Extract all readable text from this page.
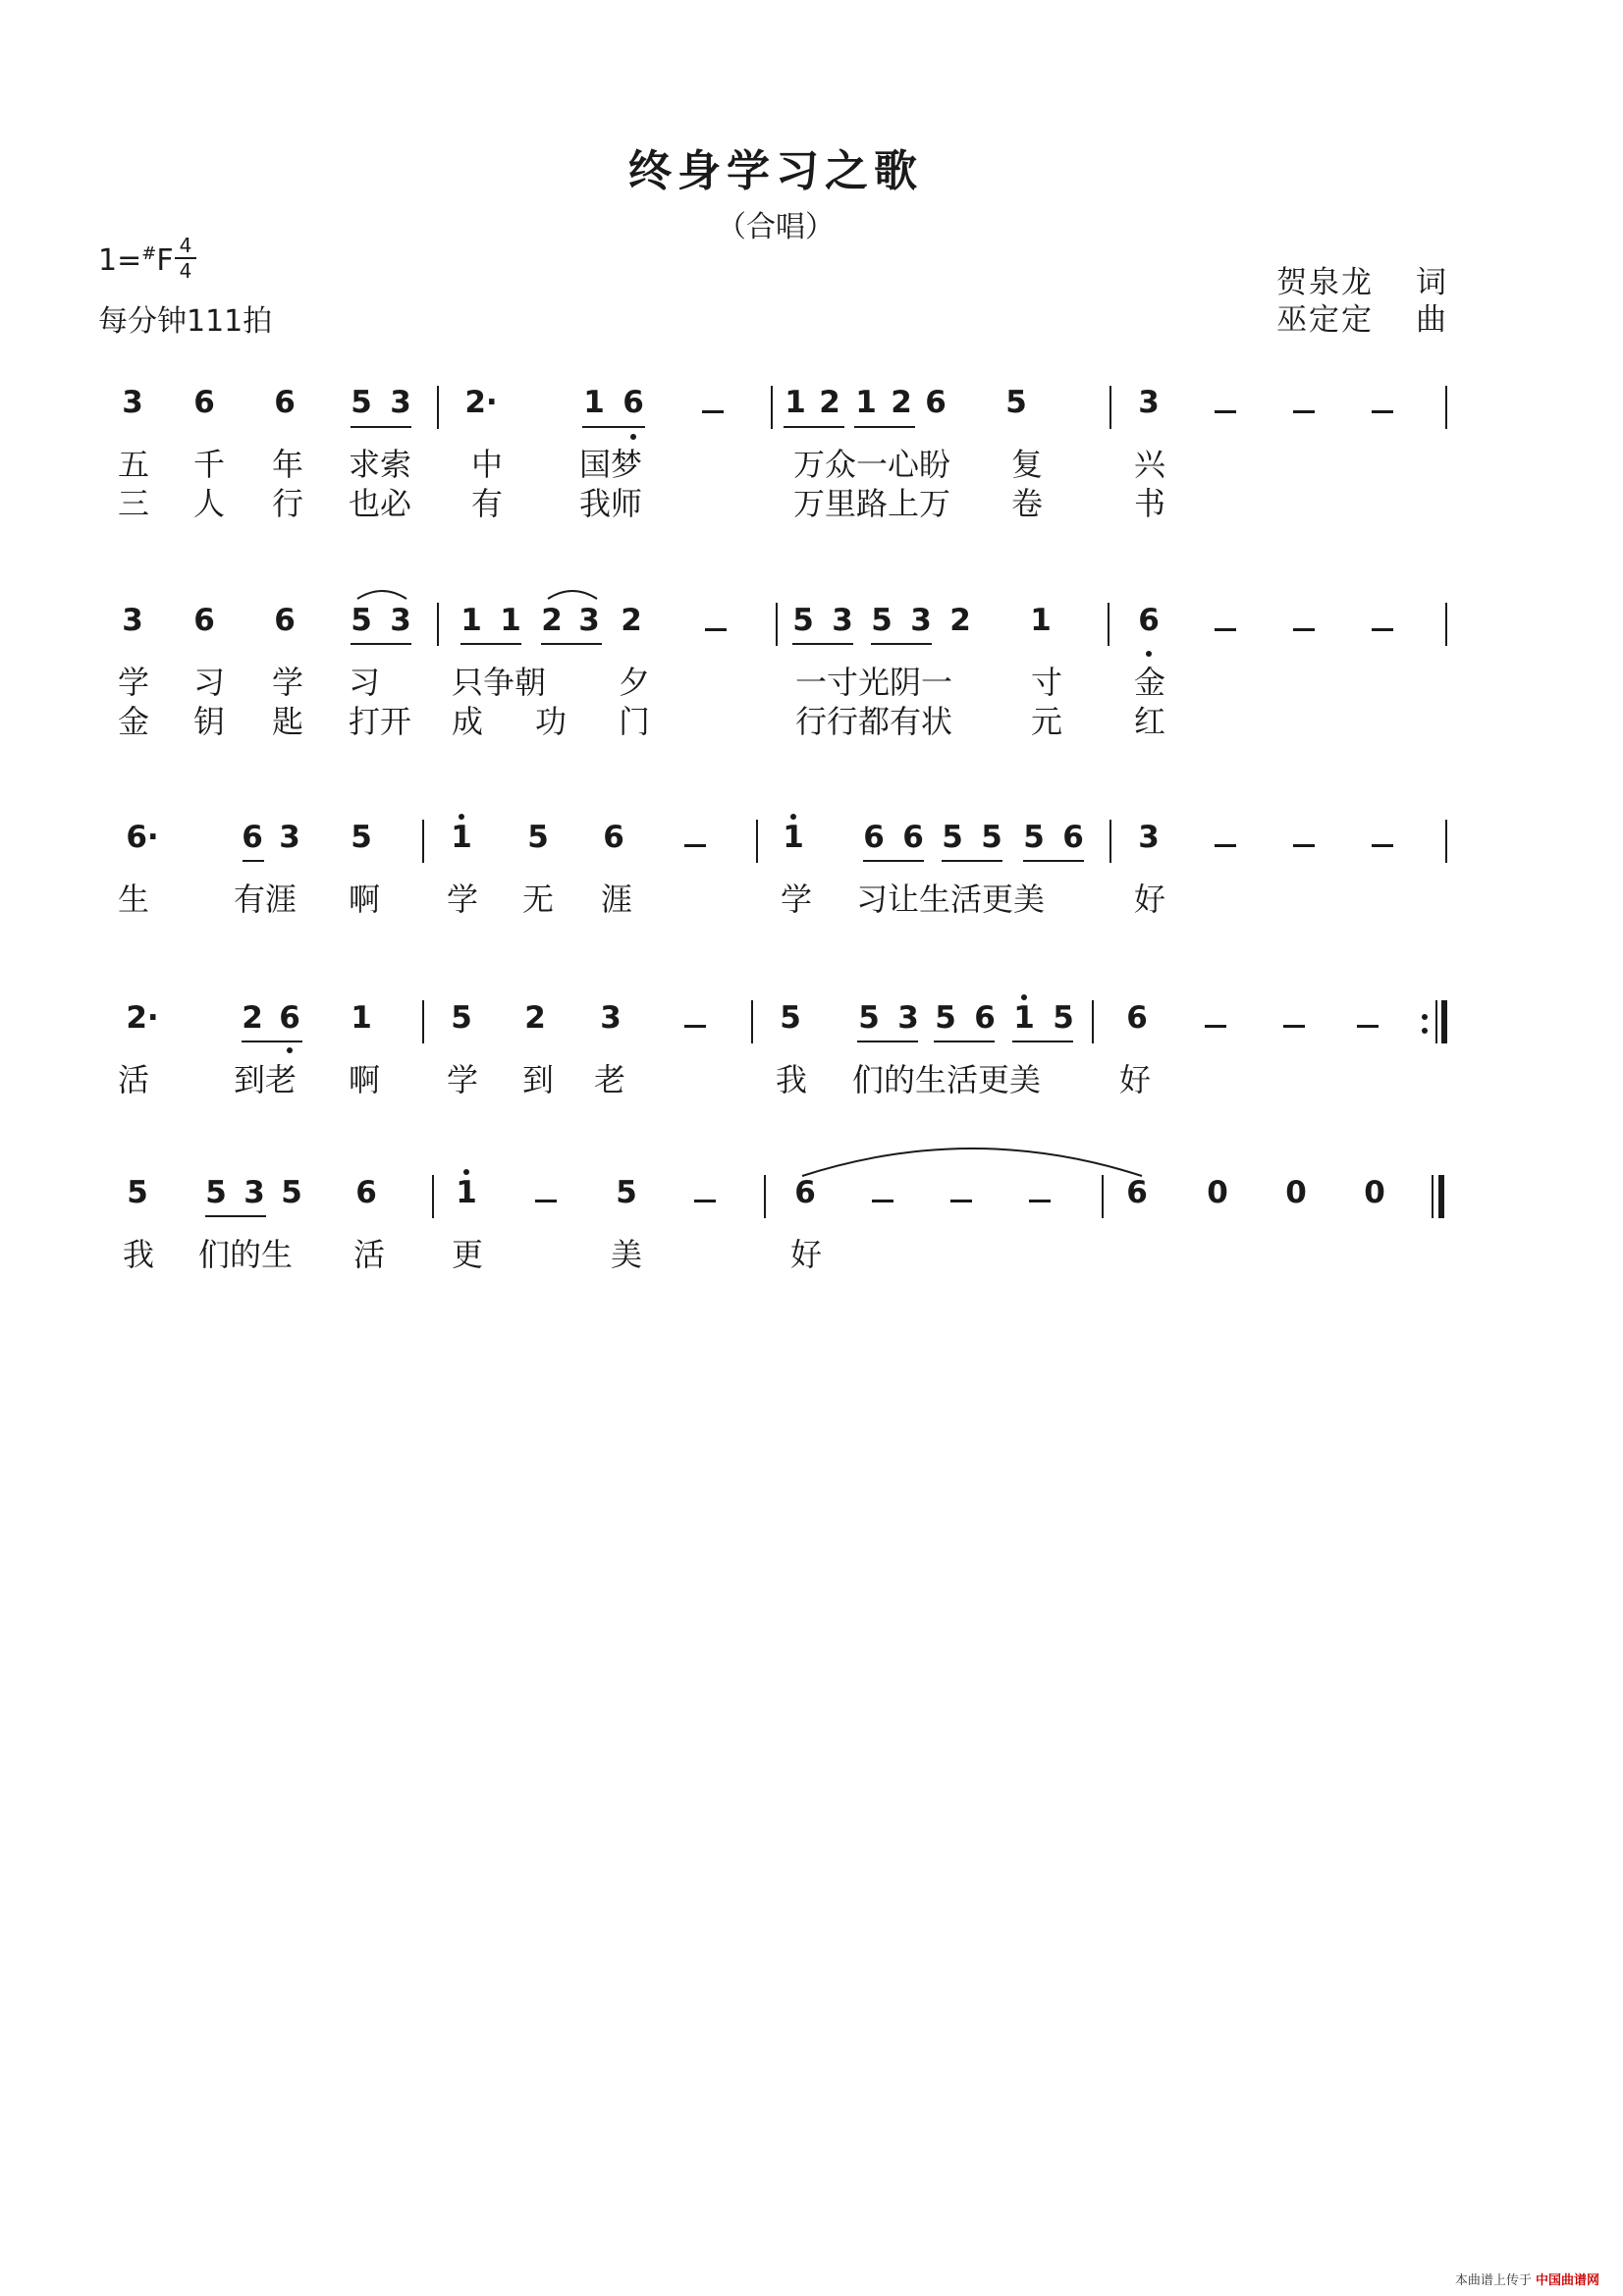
终身学习之歌
（合唱）
1=#F 4
4
每分钟111拍
贺泉龙 词
巫定定 曲
3 6 6 5 3 2·	1 6	1 2 1 2 6 5	3
五 千 年 求索 中 国梦	万众一心盼 复	兴
三 人 行 也必 有 我师	万里路上万 卷	书
3 6 6 5 3 1 1 2 3 2	5 3 5 3 2 1	6
学 习 学 习 只争朝 夕	一寸光阴一 寸 金
金 钥 匙 打开 成 功 门	行行都有状 元 红
6·	6 3 5	1 5 6	1 6 6 5 5 5 6 3
生	有涯 啊 学 无 涯	学 习让生活更美	好
2·	2 6 1	5 2 3	5 5 3 5 6 1 5 6
活	到老 啊 学 到 老	我 们的生活更美 好
5 5 3 5 6	1	5	6	6 0 0 0
我 们的生 活 更	美	好
本曲谱上传于 中国曲谱网
